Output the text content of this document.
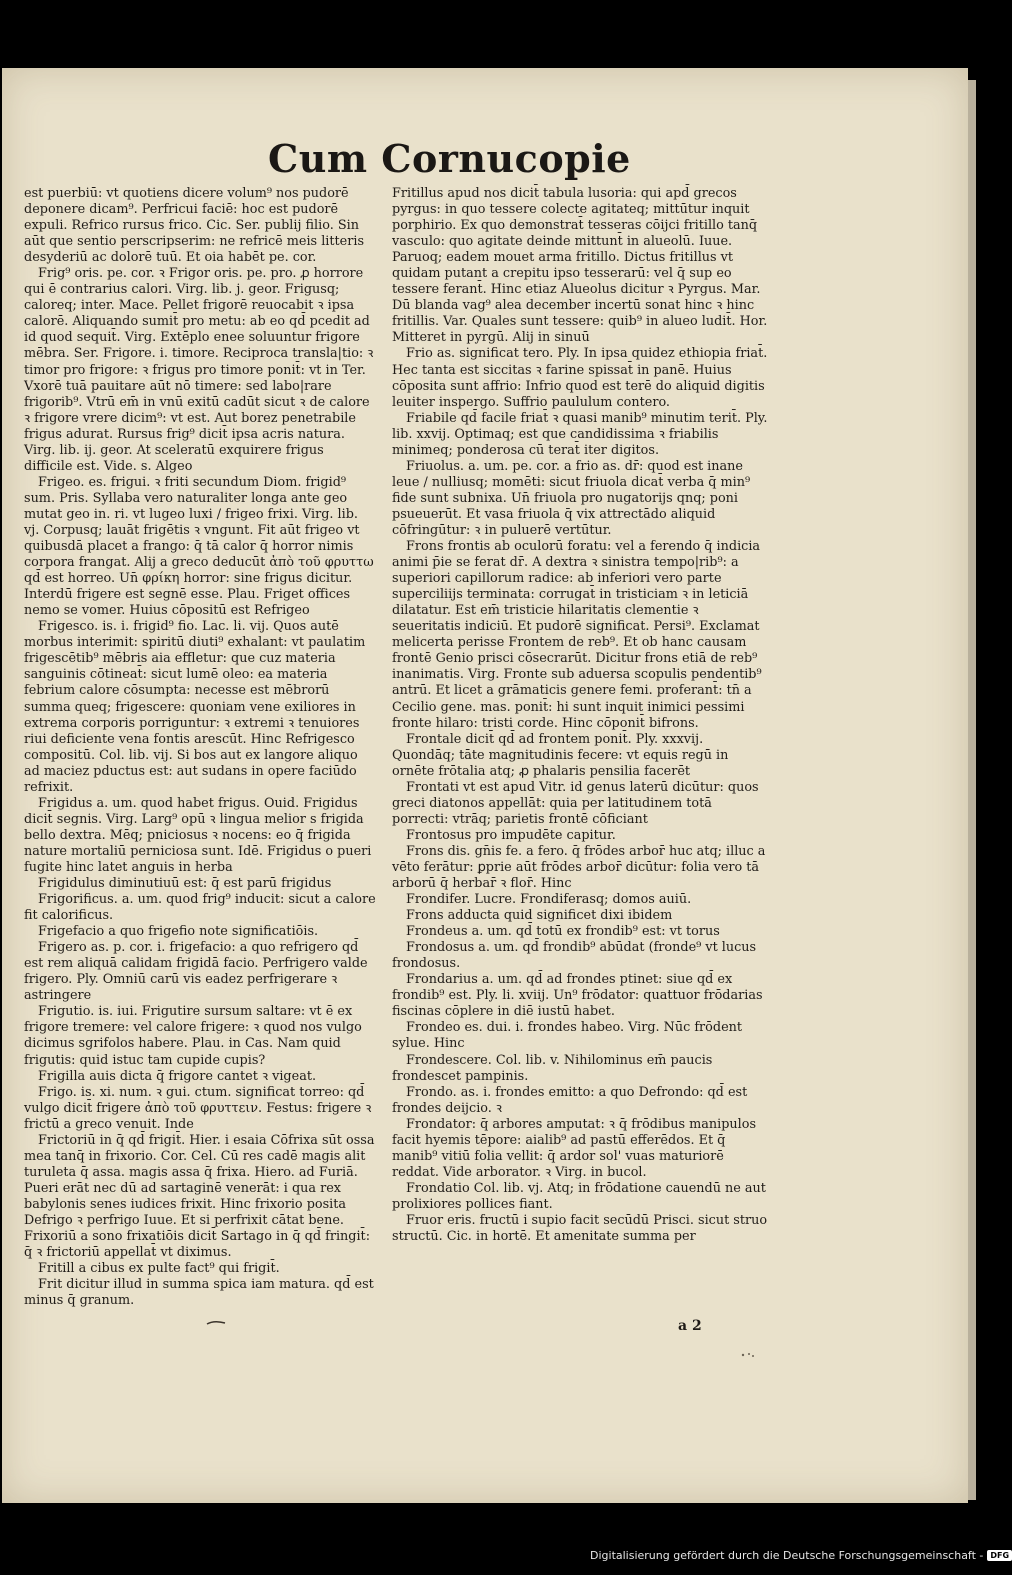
Cum Cornucopie

est puerbiū: vt quotiens dicere volum⁹ nos pudorē deponere dicam⁹. Perfricui faciē: hoc est pudorē expuli. Refrico rursus frico. Cic. Ser. publij filio. Sin aūt que sentio perscripserim: ne refricē meis litteris desyderiū ac dolorē tuū. Et oia habēt pe. cor.

Frig⁹ oris. pe. cor. ꝛ Frigor oris. pe. pro. ꝓ horrore qui ē contrarius calori. Virg. lib. j. geor. Frigusq; caloreq; inter. Mace. Pellet frigorē reuocabit ꝛ ipsa calorē. Aliquando sumit̄ pro metu: ab eo qd̄ pcedit ad id quod sequit̄. Virg. Extēplo enee soluuntur frigore mēbra. Ser. Frigore. i. timore. Reciproca transla|tio: ꝛ timor pro frigore: ꝛ frigus pro timore ponit̄: vt in Ter. Vxorē tuā pauitare aūt nō timere: sed labo|rare frigorib⁹. Vtrū em̄ in vnū exitū cadūt sicut ꝛ de calore ꝛ frigore vrere dicim⁹: vt est. Aut borez penetrabile frigus adurat. Rursus frig⁹ dicit̄ ipsa acris natura. Virg. lib. ij. geor. At sceleratū exquirere frigus difficile est. Vide. s. Algeo

Frigeo. es. frigui. ꝛ friti secundum Diom. frigid⁹ sum. Pris. Syllaba vero naturaliter longa ante geo mutat geo in. ri. vt lugeo luxi / frigeo frixi. Virg. lib. vj. Corpusq; lauāt frigētis ꝛ vngunt. Fit aūt frigeo vt quibusdā placet a frango: q̄ tā calor q̄ horror nimis corpora frangat. Alij a greco deducūt ἀπὸ τοῦ φρυττω qd̄ est horreo. Un̄ φρίκη horror: sine frigus dicitur. Interdū frigere est segnē esse. Plau. Friget offices nemo se vomer. Huius cōpositū est Refrigeo

Frigesco. is. i. frigid⁹ fio. Lac. li. vij. Quos autē morbus interimit: spiritū diuti⁹ exhalant: vt paulatim frigescētib⁹ mēbris aia effletur: que cuz materia sanguinis cōtineat̄: sicut lumē oleo: ea materia febrium calore cōsumpta: necesse est mēbrorū summa queq; frigescere: quoniam vene exiliores in extrema corporis porriguntur: ꝛ extremi ꝛ tenuiores riui deficiente vena fontis arescūt. Hinc Refrigesco compositū. Col. lib. vij. Si bos aut ex langore aliquo ad maciez pductus est: aut sudans in opere faciūdo refrixit.

Frigidus a. um. quod habet frigus. Ouid. Frigidus dicit̄ segnis. Virg. Larg⁹ opū ꝛ lingua melior s frigida bello dextra. Mēq; pniciosus ꝛ nocens: eo q̄ frigida nature mortaliū perniciosa sunt. Idē. Frigidus o pueri fugite hinc latet anguis in herba

Frigidulus diminutiuū est: q̄ est parū frigidus

Frigorificus. a. um. quod frig⁹ inducit: sicut a calore fit calorificus.

Frigefacio a quo frigefio note significatiōis.

Frigero as. p. cor. i. frigefacio: a quo refrigero qd̄ est rem aliquā calidam frigidā facio. Perfrigero valde frigero. Ply. Omniū carū vis eadez perfrigerare ꝛ astringere

Frigutio. is. iui. Frigutire sursum saltare: vt ē ex frigore tremere: vel calore frigere: ꝛ quod nos vulgo dicimus sgrifolos habere. Plau. in Cas. Nam quid frigutis: quid istuc tam cupide cupis?

Frigilla auis dicta q̄ frigore cantet ꝛ vigeat.

Frigo. is. xi. num. ꝛ gui. ctum. significat torreo: qd̄ vulgo dicit̄ frigere ἀπὸ τοῦ φρυττειν. Festus: frigere ꝛ frictū a greco venuit. Inde

Frictoriū in q̄ qd̄ frigit̄. Hier. i esaia Cōfrixa sūt ossa mea tanq̄ in frixorio. Cor. Cel. Cū res cadē magis alit turuleta q̄ assa. magis assa q̄ frixa. Hiero. ad Furiā. Pueri erāt nec dū ad sartaginē venerāt: i qua rex babylonis senes iudices frixit. Hinc frixorio posita Defrigo ꝛ perfrigo Iuue. Et si perfrixit cātat bene. Frixoriū a sono frixatiōis dicit̄ Sartago in q̄ qd̄ fringit̄: q̄ ꝛ frictoriū appellat̄ vt diximus.

Fritill a cibus ex pulte fact⁹ qui frigit̄.

Frit dicitur illud in summa spica iam matura. qd̄ est minus q̄ granum.

Fritillus apud nos dicit̄ tabula lusoria: qui apd̄ grecos pyrgus: in quo tessere colecte agitateq; mittūtur inquit porphirio. Ex quo demonstrat̄ tesseras cōijci fritillo tanq̄ vasculo: quo agitate deinde mittunt̄ in alueolū. Iuue. Paruoq; eadem mouet arma fritillo. Dictus fritillus vt quidam putant a crepitu ipso tesserarū: vel q̄ sup eo tessere ferant̄. Hinc etiaz Alueolus dicitur ꝛ Pyrgus. Mar. Dū blanda vag⁹ alea december incertū sonat hinc ꝛ hinc fritillis. Var. Quales sunt tessere: quib⁹ in alueo ludit̄. Hor. Mitteret in pyrgū. Alij in sinuū

Frio as. significat tero. Ply. In ipsa quidez ethiopia friat̄. Hec tanta est siccitas ꝛ farine spissat̄ in panē. Huius cōposita sunt affrio: Infrio quod est terē do aliquid digitis leuiter inspergo. Suffrio paululum contero.

Friabile qd̄ facile friat̄ ꝛ quasi manib⁹ minutim terit̄. Ply. lib. xxvij. Optimaq; est que candidissima ꝛ friabilis minimeq; ponderosa cū terat̄ iter digitos.

Friuolus. a. um. pe. cor. a frio as. dr̄: quod est inane leue / nulliusq; momēti: sicut friuola dicat̄ verba q̄ min⁹ fide sunt subnixa. Un̄ friuola pro nugatorijs qnq; poni psueuerūt. Et vasa friuola q̄ vix attrectādo aliquid cōfringūtur: ꝛ in puluerē vertūtur.

Frons frontis ab oculorū foratu: vel a ferendo q̄ indicia animi p̄ie se ferat dr̄. A dextra ꝛ sinistra tempo|rib⁹: a superiori capillorum radice: ab inferiori vero parte superciliijs terminata: corrugat̄ in tristiciam ꝛ in leticiā dilatatur. Est em̄ tristicie hilaritatis clementie ꝛ seueritatis indiciū. Et pudorē significat. Persi⁹. Exclamat melicerta perisse Frontem de reb⁹. Et ob hanc causam frontē Genio prisci cōsecrarūt. Dicitur frons etiā de reb⁹ inanimatis. Virg. Fronte sub aduersa scopulis pendentib⁹ antrū. Et licet a grāmaticis genere femi. proferant̄: tn̄ a Cecilio gene. mas. ponit̄: hi sunt inquit inimici pessimi fronte hilaro: tristi corde. Hinc cōponit̄ bifrons.

Frontale dicit̄ qd̄ ad frontem ponit̄. Ply. xxxvij. Quondāq; tāte magnitudinis fecere: vt equis regū in ornēte frōtalia atq; ꝓ phalaris pensilia facerēt

Frontati vt est apud Vitr. id genus laterū dicūtur: quos greci diatonos appellāt: quia per latitudinem totā porrecti: vtrāq; parietis frontē cōficiant

Frontosus pro impudēte capitur.

Frons dis. gn̄is fe. a fero. q̄ frōdes arbor̄ huc atq; illuc a vēto ferātur: ꝑprie aūt frōdes arbor̄ dicūtur: folia vero tā arborū q̄ herbar̄ ꝛ flor̄. Hinc

Frondifer. Lucre. Frondiferasq; domos auiū.

Frons adducta quid significet dixi ibidem

Frondeus a. um. qd̄ totū ex frondib⁹ est: vt torus

Frondosus a. um. qd̄ frondib⁹ abūdat (fronde⁹ vt lucus frondosus.

Frondarius a. um. qd̄ ad frondes ptinet: siue qd̄ ex frondib⁹ est. Ply. li. xviij. Un⁹ frōdator: quattuor frōdarias fiscinas cōplere in diē iustū habet.

Frondeo es. dui. i. frondes habeo. Virg. Nūc frōdent sylue. Hinc

Frondescere. Col. lib. v. Nihilominus em̄ paucis frondescet pampinis.

Frondo. as. i. frondes emitto: a quo Defrondo: qd̄ est frondes deijcio. ꝛ

Frondator: q̄ arbores amputat: ꝛ q̄ frōdibus manipulos facit hyemis tēpore: aialib⁹ ad pastū efferēdos. Et q̄ manib⁹ vitiū folia vellit: q̄ ardor sol' vuas maturiorē reddat. Vide arborator. ꝛ Virg. in bucol.

Frondatio Col. lib. vj. Atq; in frōdatione cauendū ne aut prolixiores pollices fiant.

Fruor eris. fructū i supio facit secūdū Prisci. sicut struo structū. Cic. in hortē. Et amenitate summa per

a 2
Digitalisierung gefördert durch die Deutsche Forschungsgemeinschaft - DFG
